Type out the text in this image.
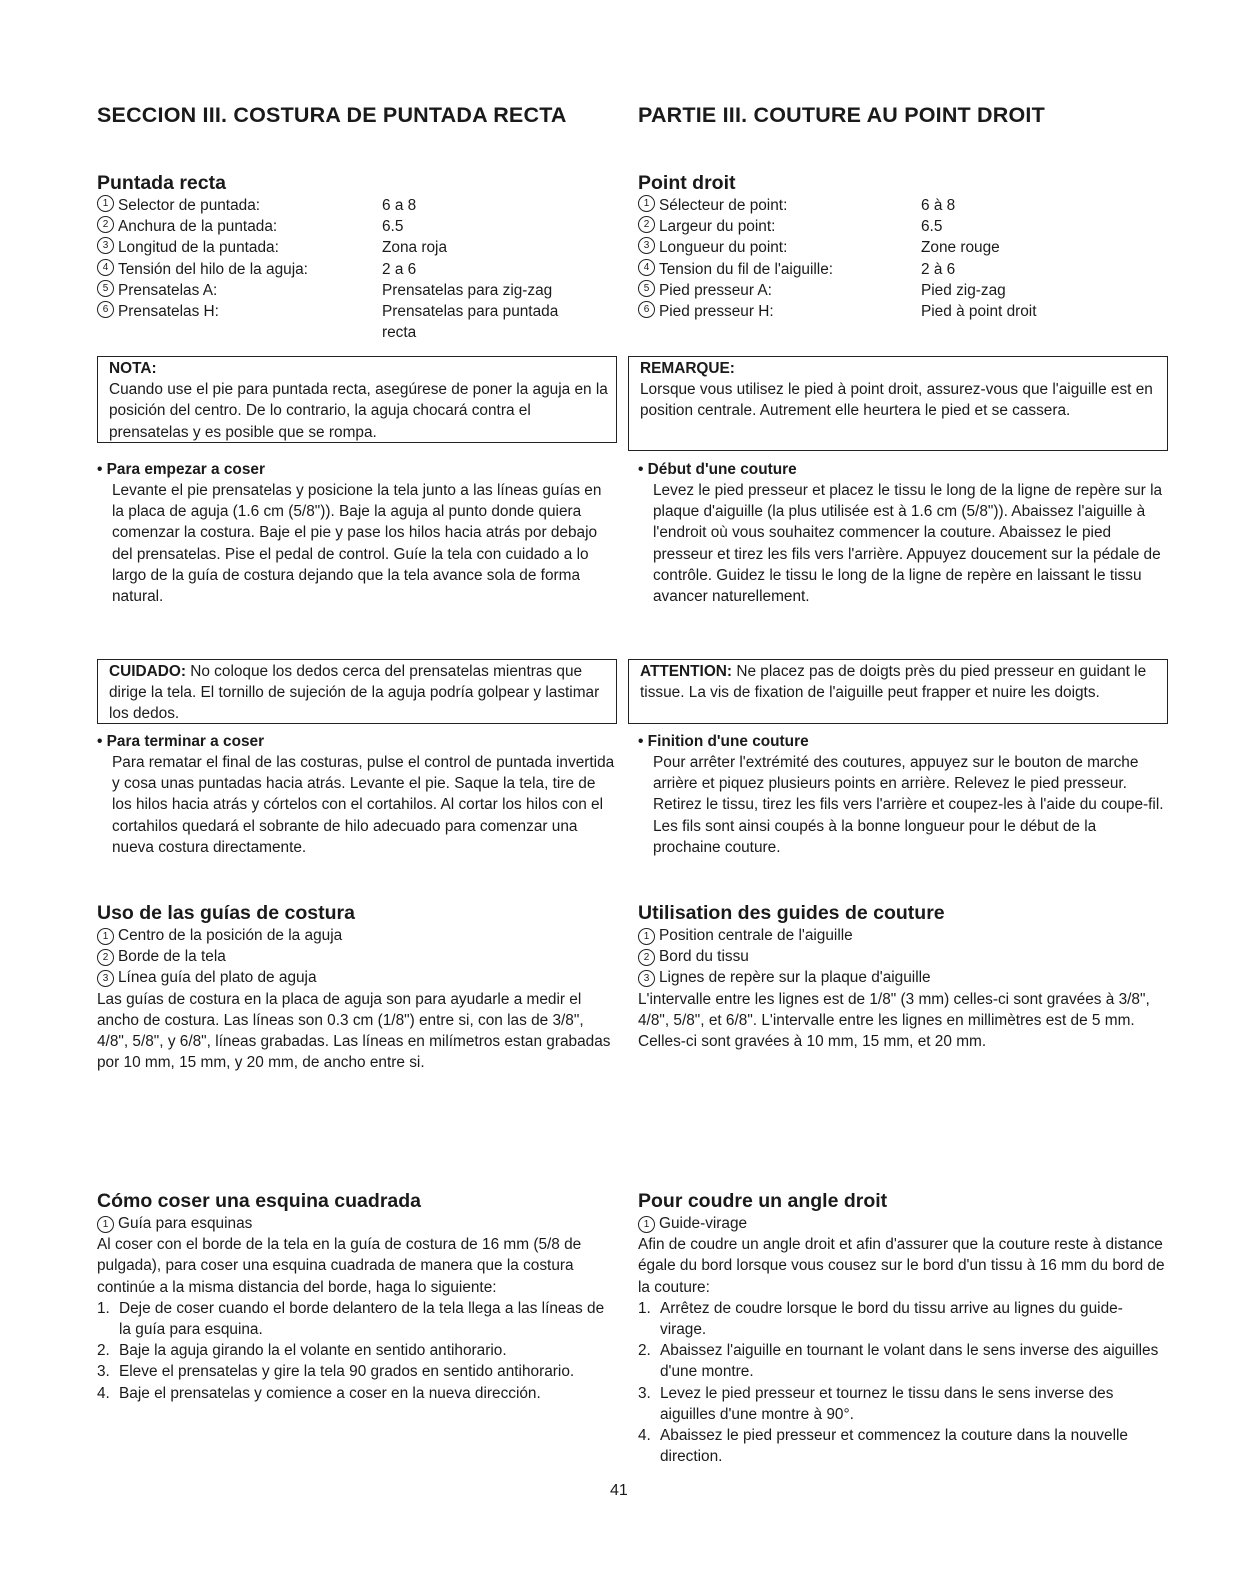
SECCION III. COSTURA DE PUNTADA RECTA	PARTIE III. COUTURE AU POINT DROIT
Puntada recta
1 Selector de puntada:	6 a 8
2 Anchura de la puntada:	6.5
3 Longitud de la puntada:	Zona roja
4 Tensión del hilo de la aguja:	2 a 6
5 Prensatelas A:	Prensatelas para zig-zag
6 Prensatelas H:	Prensatelas para puntada recta
NOTA:
Cuando use el pie para puntada recta, asegúrese de poner la aguja en la posición del centro. De lo contrario, la aguja chocará contra el prensatelas y es posible que se rompa.
• Para empezar a coser
Levante el pie prensatelas y posicione la tela junto a las líneas guías en la placa de aguja (1.6 cm (5/8")). Baje la aguja al punto donde quiera comenzar la costura. Baje el pie y pase los hilos hacia atrás por debajo del prensatelas. Pise el pedal de control. Guíe la tela con cuidado a lo largo de la guía de costura dejando que la tela avance sola de forma natural.
CUIDADO: No coloque los dedos cerca del prensatelas mientras que dirige la tela. El tornillo de sujeción de la aguja podría golpear y lastimar los dedos.
• Para terminar a coser
Para rematar el final de las costuras, pulse el control de puntada invertida y cosa unas puntadas hacia atrás. Levante el pie. Saque la tela, tire de los hilos hacia atrás y córtelos con el cortahilos. Al cortar los hilos con el cortahilos quedará el sobrante de hilo adecuado para comenzar una nueva costura directamente.
Uso de las guías de costura
1 Centro de la posición de la aguja
2 Borde de la tela
3 Línea guía del plato de aguja
Las guías de costura en la placa de aguja son para ayudarle a medir el ancho de costura. Las líneas son 0.3 cm (1/8") entre si, con las de 3/8", 4/8", 5/8", y 6/8", líneas grabadas. Las líneas en milímetros estan grabadas por 10 mm, 15 mm, y 20 mm, de ancho entre si.
Cómo coser una esquina cuadrada
1 Guía para esquinas
Al coser con el borde de la tela en la guía de costura de 16 mm (5/8 de pulgada), para coser una esquina cuadrada de manera que la costura continúe a la misma distancia del borde, haga lo siguiente:
1. Deje de coser cuando el borde delantero de la tela llega a las líneas de la guía para esquina.
2. Baje la aguja girando la el volante en sentido antihorario.
3. Eleve el prensatelas y gire la tela 90 grados en sentido antihorario.
4. Baje el prensatelas y comience a coser en la nueva dirección.
Point droit
1 Sélecteur de point:	6 à 8
2 Largeur du point:	6.5
3 Longueur du point:	Zone rouge
4 Tension du fil de l'aiguille:	2 à 6
5 Pied presseur A:	Pied zig-zag
6 Pied presseur H:	Pied à point droit
REMARQUE:
Lorsque vous utilisez le pied à point droit, assurez-vous que l'aiguille est en position centrale. Autrement elle heurtera le pied et se cassera.
• Début d'une couture
Levez le pied presseur et placez le tissu le long de la ligne de repère sur la plaque d'aiguille (la plus utilisée est à 1.6 cm (5/8")). Abaissez l'aiguille à l'endroit où vous souhaitez commencer la couture. Abaissez le pied presseur et tirez les fils vers l'arrière. Appuyez doucement sur la pédale de contrôle. Guidez le tissu le long de la ligne de repère en laissant le tissu avancer naturellement.
ATTENTION: Ne placez pas de doigts près du pied presseur en guidant le tissue. La vis de fixation de l'aiguille peut frapper et nuire les doigts.
• Finition d'une couture
Pour arrêter l'extrémité des coutures, appuyez sur le bouton de marche arrière et piquez plusieurs points en arrière. Relevez le pied presseur. Retirez le tissu, tirez les fils vers l'arrière et coupez-les à l'aide du coupe-fil. Les fils sont ainsi coupés à la bonne longueur pour le début de la prochaine couture.
Utilisation des guides de couture
1 Position centrale de l'aiguille
2 Bord du tissu
3 Lignes de repère sur la plaque d'aiguille
L'intervalle entre les lignes est de 1/8" (3 mm) celles-ci sont gravées à 3/8", 4/8", 5/8", et 6/8". L'intervalle entre les lignes en millimètres est de 5 mm. Celles-ci sont gravées à 10 mm, 15 mm, et 20 mm.
Pour coudre un angle droit
1 Guide-virage
Afin de coudre un angle droit et afin d'assurer que la couture reste à distance égale du bord lorsque vous cousez sur le bord d'un tissu à 16 mm du bord de la couture:
1. Arrêtez de coudre lorsque le bord du tissu arrive au lignes du guide-virage.
2. Abaissez l'aiguille en tournant le volant dans le sens inverse des aiguilles d'une montre.
3. Levez le pied presseur et tournez le tissu dans le sens inverse des aiguilles d'une montre à 90°.
4. Abaissez le pied presseur et commencez la couture dans la nouvelle direction.
41
